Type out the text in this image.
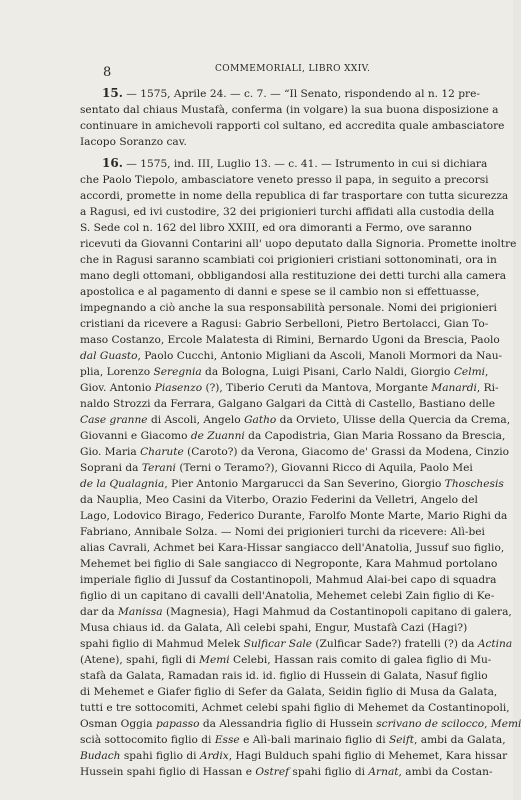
8	COMMEMORIALI, LIBRO XXIV.
15. — 1575, Aprile 24. — c. 7. — “Il Senato, rispondendo al n. 12 pre-
sentato dal chiaus Mustafà, conferma (in volgare) la sua buona disposizione a
continuare in amichevoli rapporti col sultano, ed accredita quale ambasciatore
Iacopo Soranzo cav.
16. — 1575, ind. III, Luglio 13. — c. 41. — Istrumento in cui si dichiara
che Paolo Tiepolo, ambasciatore veneto presso il papa, in seguito a precorsi
accordi, promette in nome della republica di far trasportare con tutta sicurezza
a Ragusi, ed ivi custodire, 32 dei prigionieri turchi affidati alla custodia della
S. Sede col n. 162 del libro XXIII, ed ora dimoranti a Fermo, ove saranno
ricevuti da Giovanni Contarini all' uopo deputato dalla Signoria. Promette inoltre
che in Ragusi saranno scambiati coi prigionieri cristiani sottonominati, ora in
mano degli ottomani, obbligandosi alla restituzione dei detti turchi alla camera
apostolica e al pagamento di danni e spese se il cambio non si effettuasse,
impegnando a ciò anche la sua responsabilità personale. Nomi dei prigionieri
cristiani da ricevere a Ragusi: Gabrio Serbelloni, Pietro Bertolacci, Gian To-
maso Costanzo, Ercole Malatesta di Rimini, Bernardo Ugoni da Brescia, Paolo
dal Guasto, Paolo Cucchi, Antonio Migliani da Ascoli, Manoli Mormori da Nau-
plia, Lorenzo Seregnia da Bologna, Luigi Pisani, Carlo Naldi, Giorgio Celmi,
Giov. Antonio Piasenzo (?), Tiberio Ceruti da Mantova, Morgante Manardi, Ri-
naldo Strozzi da Ferrara, Galgano Galgari da Città di Castello, Bastiano delle
Case granne di Ascoli, Angelo Gatho da Orvieto, Ulisse della Quercia da Crema,
Giovanni e Giacomo de Zuanni da Capodistria, Gian Maria Rossano da Brescia,
Gio. Maria Charute (Caroto?) da Verona, Giacomo de' Grassi da Modena, Cinzio
Soprani da Terani (Terni o Teramo?), Giovanni Ricco di Aquila, Paolo Mei
de la Qualagnia, Pier Antonio Margarucci da San Severino, Giorgio Thoschesis
da Nauplia, Meo Casini da Viterbo, Orazio Federini da Velletri, Angelo del
Lago, Lodovico Birago, Federico Durante, Farolfo Monte Marte, Mario Righi da
Fabriano, Annibale Solza. — Nomi dei prigionieri turchi da ricevere: Alì-bei
alias Cavrali, Achmet bei Kara-Hissar sangiacco dell'Anatolia, Jussuf suo figlio,
Mehemet bei figlio di Sale sangiacco di Negroponte, Kara Mahmud portolano
imperiale figlio di Jussuf da Costantinopoli, Mahmud Alai-bei capo di squadra
figlio di un capitano di cavalli dell'Anatolia, Mehemet celebi Zain figlio di Ke-
dar da Manissa (Magnesia), Hagi Mahmud da Costantinopoli capitano di galera,
Musa chiaus id. da Galata, Alì celebi spahi, Engur, Mustafà Cazi (Hagi?)
spahi figlio di Mahmud Melek Sulficar Sale (Zulficar Sade?) fratelli (?) da Actina
(Atene), spahi, figli di Memi Celebi, Hassan rais comito di galea figlio di Mu-
stafà da Galata, Ramadan rais id. id. figlio di Hussein di Galata, Nasuf figlio
di Mehemet e Giafer figlio di Sefer da Galata, Seidin figlio di Musa da Galata,
tutti e tre sottocomiti, Achmet celebi spahi figlio di Mehemet da Costantinopoli,
Osman Oggia papasso da Alessandria figlio di Hussein scrivano de scilocco, Memi
scià sottocomito figlio di Esse e Alì-bali marinaio figlio di Seift, ambi da Galata,
Budach spahi figlio di Ardix, Hagi Bulduch spahi figlio di Mehemet, Kara hissar
Hussein spahi figlio di Hassan e Ostref spahi figlio di Arnat, ambi da Costan-
